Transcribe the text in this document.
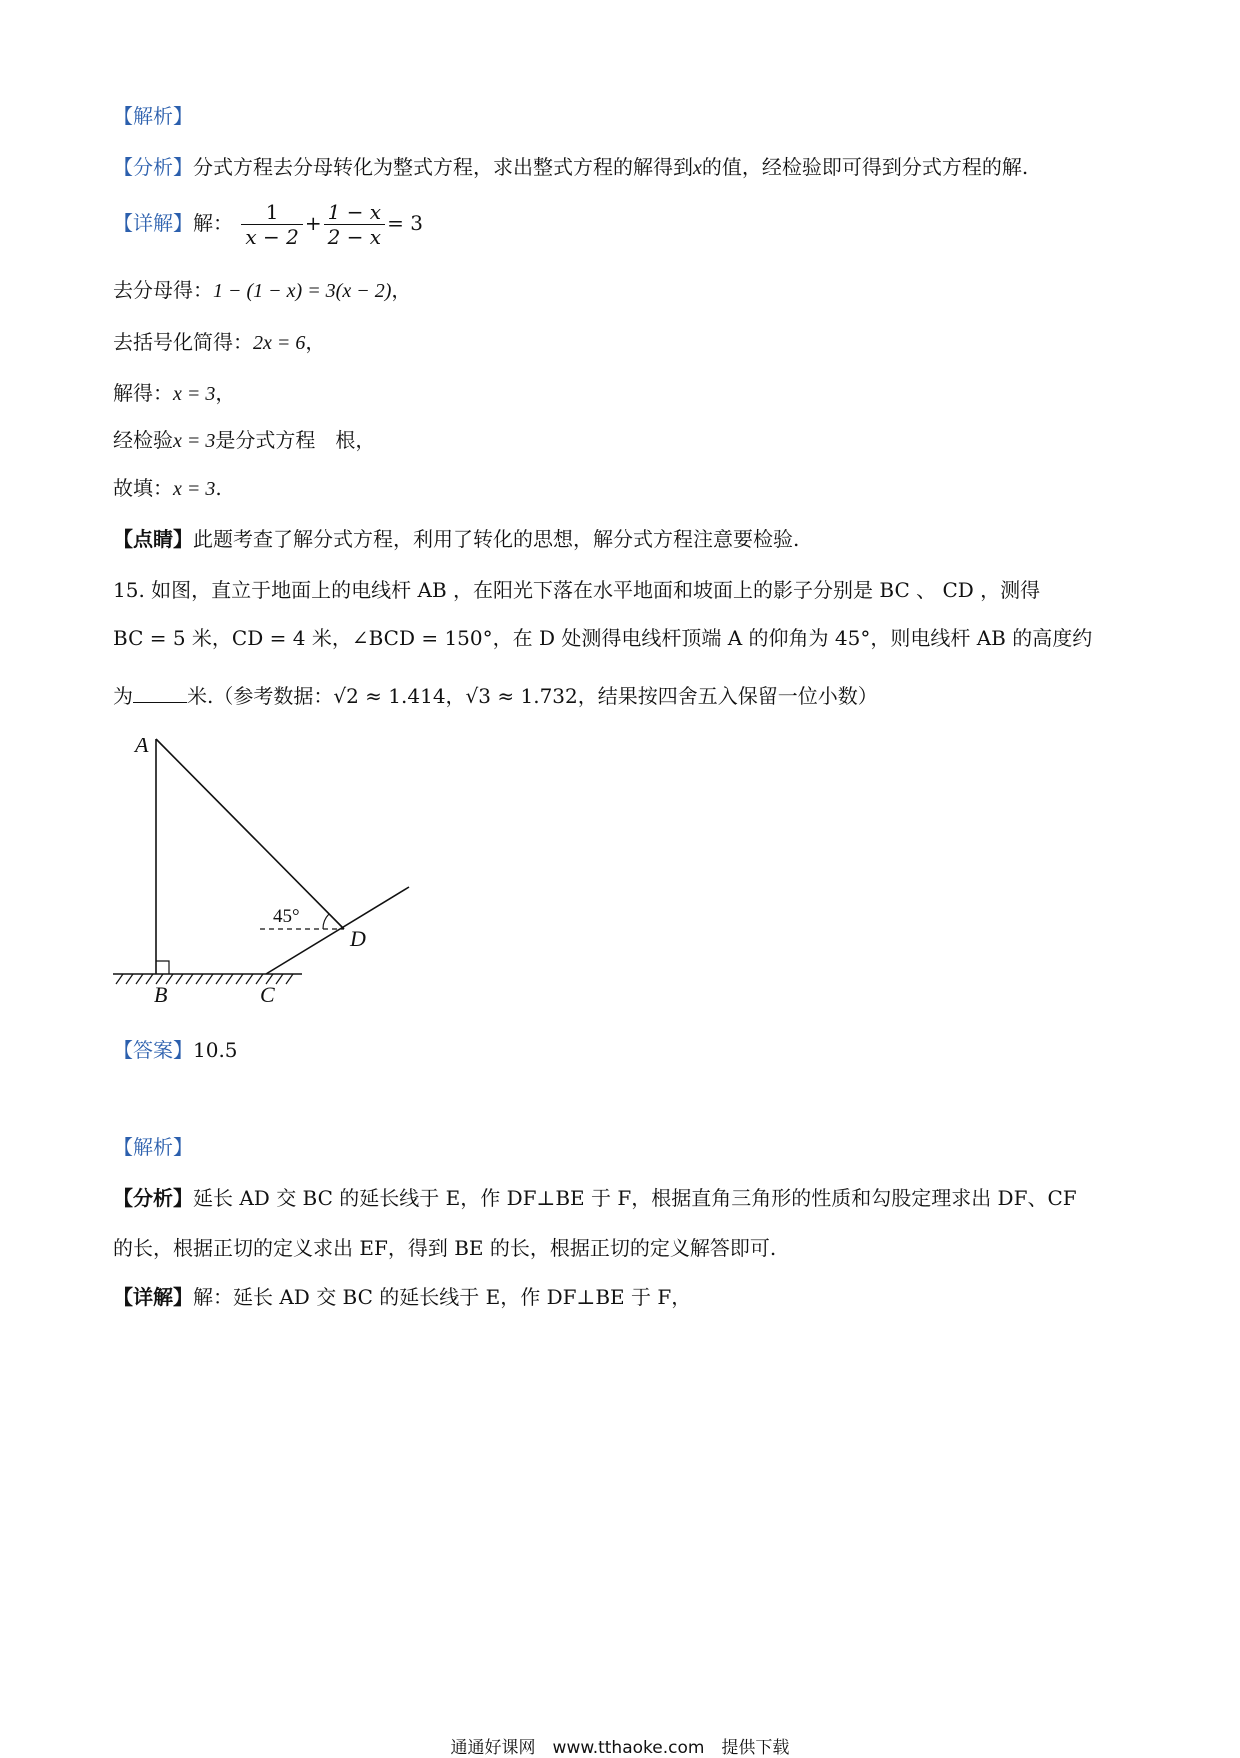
【解析】
【分析】分式方程去分母转化为整式方程，求出整式方程的解得到x的值，经检验即可得到分式方程的解.
【详解】解： $\frac{1}{x - 2} + \frac{1 - x}{2 - x} = 3$
去分母得：1 − (1 − x) = 3(x − 2)，
去括号化简得：2x = 6，
解得：x = 3，
经检验x = 3是分式方程　根，
故填：x = 3.
【点睛】此题考查了解分式方程，利用了转化的思想，解分式方程注意要检验.
15. 如图，直立于地面上的电线杆 AB ，在阳光下落在水平地面和坡面上的影子分别是 BC 、 CD ，测得
BC = 5 米，CD = 4 米，∠BCD = 150°，在 D 处测得电线杆顶端 A 的仰角为 45°，则电线杆 AB 的高度约
为	米.（参考数据：√2 ≈ 1.414，√3 ≈ 1.732，结果按四舍五入保留一位小数）
A
B	C
D
45°
【答案】10.5
【解析】
【分析】延长 AD 交 BC 的延长线于 E，作 DF⊥BE 于 F，根据直角三角形的性质和勾股定理求出 DF、CF
的长，根据正切的定义求出 EF，得到 BE 的长，根据正切的定义解答即可.
【详解】解：延长 AD 交 BC 的延长线于 E，作 DF⊥BE 于 F，
通通好课网　www.tthaoke.com　提供下载
